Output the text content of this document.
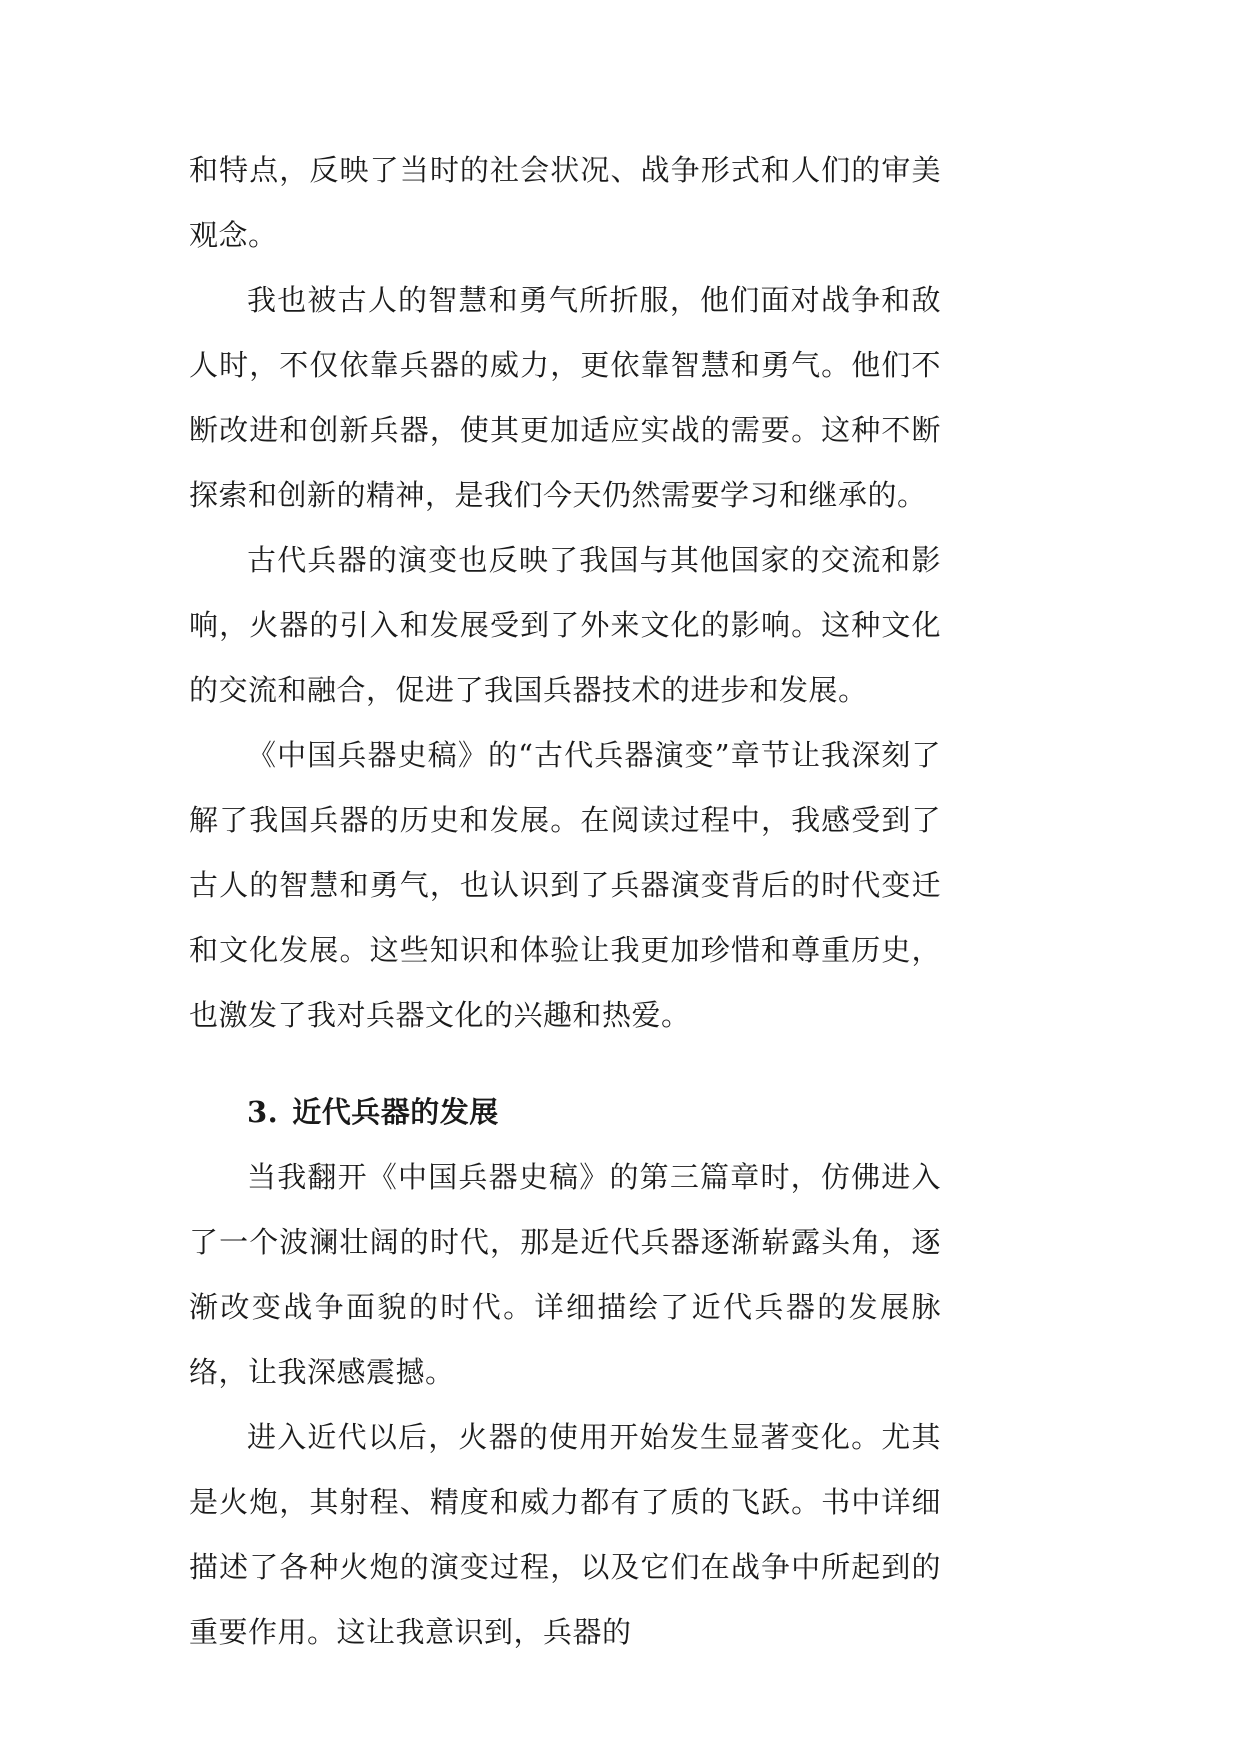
和特点，反映了当时的社会状况、战争形式和人们的审美观念。

我也被古人的智慧和勇气所折服，他们面对战争和敌人时，不仅依靠兵器的威力，更依靠智慧和勇气。他们不断改进和创新兵器，使其更加适应实战的需要。这种不断探索和创新的精神，是我们今天仍然需要学习和继承的。

古代兵器的演变也反映了我国与其他国家的交流和影响，火器的引入和发展受到了外来文化的影响。这种文化的交流和融合，促进了我国兵器技术的进步和发展。

《中国兵器史稿》的“古代兵器演变”章节让我深刻了解了我国兵器的历史和发展。在阅读过程中，我感受到了古人的智慧和勇气，也认识到了兵器演变背后的时代变迁和文化发展。这些知识和体验让我更加珍惜和尊重历史，也激发了我对兵器文化的兴趣和热爱。

3. 近代兵器的发展

当我翻开《中国兵器史稿》的第三篇章时，仿佛进入了一个波澜壮阔的时代，那是近代兵器逐渐崭露头角，逐渐改变战争面貌的时代。详细描绘了近代兵器的发展脉络，让我深感震撼。

进入近代以后，火器的使用开始发生显著变化。尤其是火炮，其射程、精度和威力都有了质的飞跃。书中详细描述了各种火炮的演变过程，以及它们在战争中所起到的重要作用。这让我意识到，兵器的
